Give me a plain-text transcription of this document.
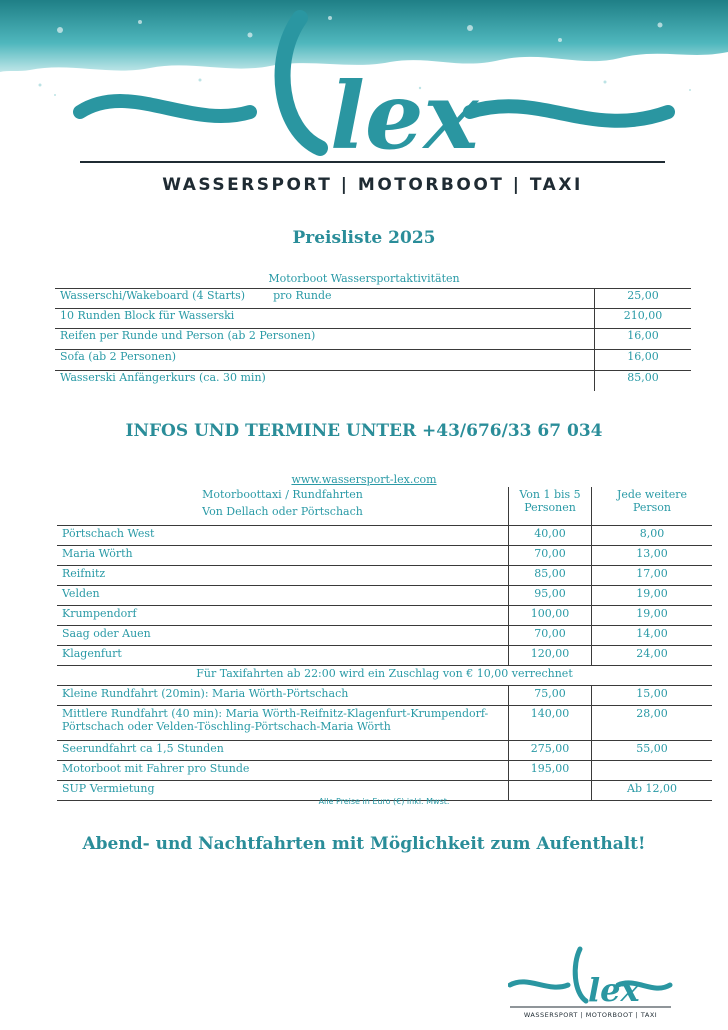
lex
WASSERSPORT | MOTORBOOT | TAXI
Preisliste 2025
Motorboot Wassersportaktivitäten
Wasserschi/Wakeboard (4 Starts)        pro Runde	25,00
10 Runden Block für Wasserski	210,00
Reifen per Runde und Person (ab 2 Personen)	16,00
Sofa (ab 2 Personen)	16,00
Wasserski Anfängerkurs (ca. 30 min)	85,00
INFOS UND TERMINE UNTER +43/676/33 67 034
www.wassersport-lex.com
Motorboottaxi / Rundfahrten
Von Dellach oder Pörtschach	Von 1 bis 5 Personen	Jede weitere Person
Pörtschach West	40,00	8,00
Maria Wörth	70,00	13,00
Reifnitz	85,00	17,00
Velden	95,00	19,00
Krumpendorf	100,00	19,00
Saag oder Auen	70,00	14,00
Klagenfurt	120,00	24,00
Für Taxifahrten ab 22:00 wird ein Zuschlag von € 10,00 verrechnet		
Kleine Rundfahrt (20min): Maria Wörth-Pörtschach	75,00	15,00
Mittlere Rundfahrt (40 min): Maria Wörth-Reifnitz-Klagenfurt-Krumpendorf-Pörtschach oder Velden-Töschling-Pörtschach-Maria Wörth	140,00	28,00
Seerundfahrt ca 1,5 Stunden	275,00	55,00
Motorboot mit Fahrer pro Stunde	195,00	
SUP Vermietung		Ab 12,00
Alle Preise in Euro (€) inkl. Mwst.
Abend- und Nachtfahrten mit Möglichkeit zum Aufenthalt!
lex
WASSERSPORT | MOTORBOOT | TAXI
